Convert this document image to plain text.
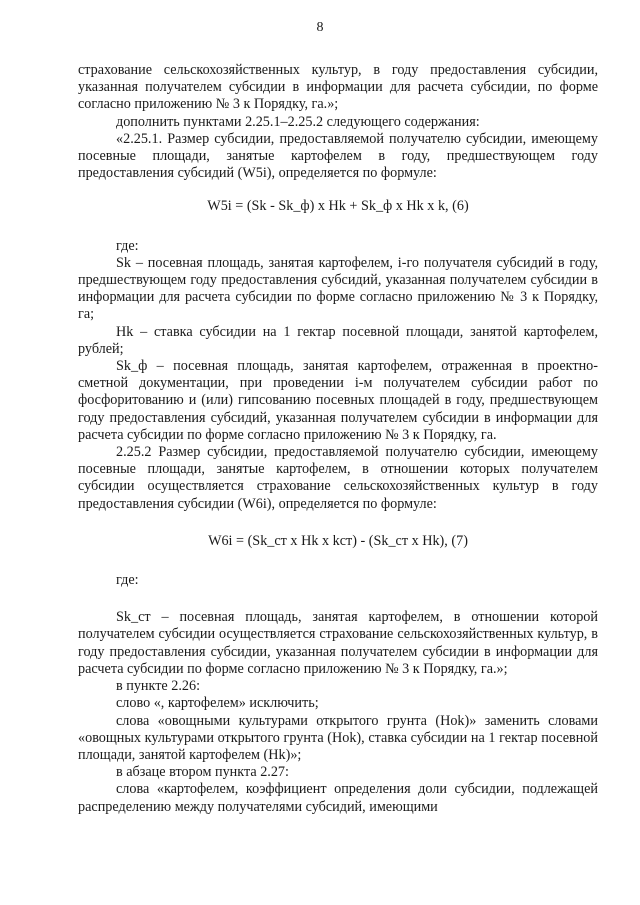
8

страхование сельскохозяйственных культур, в году предоставления субсидии, указанная получателем субсидии в информации для расчета субсидии, по форме согласно приложению № 3 к Порядку, га.»;

дополнить пунктами 2.25.1–2.25.2 следующего содержания:

«2.25.1. Размер субсидии, предоставляемой получателю субсидии, имеющему посевные площади, занятые картофелем в году, предшествующем году предоставления субсидий (W5i), определяется по формуле:

W5i = (Sk - Sk_ф) x Hk + Sk_ф x Hk x k, (6)

где:

Sk – посевная площадь, занятая картофелем, i-го получателя субсидий в году, предшествующем году предоставления субсидий, указанная получателем субсидии в информации для расчета субсидии по форме согласно приложению № 3 к Порядку, га;

Hk – ставка субсидии на 1 гектар посевной площади, занятой картофелем, рублей;

Sk_ф – посевная площадь, занятая картофелем, отраженная в проектно-сметной документации, при проведении i-м получателем субсидии работ по фосфоритованию и (или) гипсованию посевных площадей в году, предшествующем году предоставления субсидий, указанная получателем субсидии в информации для расчета субсидии по форме согласно приложению № 3 к Порядку, га.

2.25.2 Размер субсидии, предоставляемой получателю субсидии, имеющему посевные площади, занятые картофелем, в отношении которых получателем субсидии осуществляется страхование сельскохозяйственных культур в году предоставления субсидии (W6i), определяется по формуле:

W6i = (Sk_ст x Hk x kст) - (Sk_ст x Hk), (7)

где:

Sk_ст – посевная площадь, занятая картофелем, в отношении которой получателем субсидии осуществляется страхование сельскохозяйственных культур, в году предоставления субсидии, указанная получателем субсидии в информации для расчета субсидии по форме согласно приложению № 3 к Порядку, га.»;

в пункте 2.26:

слово «, картофелем» исключить;

слова «овощными культурами открытого грунта (Hok)» заменить словами «овощных культурами открытого грунта (Hok), ставка субсидии на 1 гектар посевной площади, занятой картофелем (Hk)»;

в абзаце втором пункта 2.27:

слова «картофелем, коэффициент определения доли субсидии, подлежащей распределению между получателями субсидий, имеющими
